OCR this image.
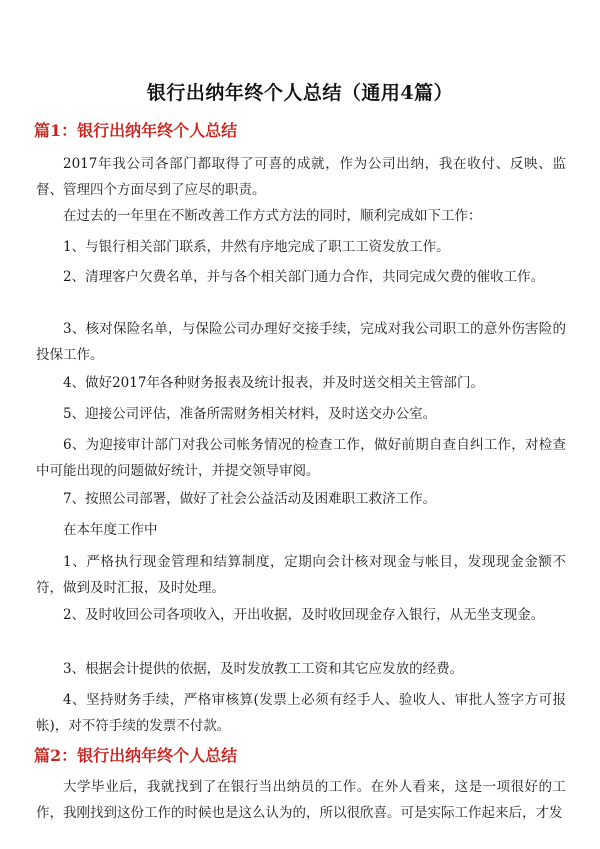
银行出纳年终个人总结（通用4篇）
篇1：银行出纳年终个人总结
2017年我公司各部门都取得了可喜的成就，作为公司出纳，我在收付、反映、监督、管理四个方面尽到了应尽的职责。
在过去的一年里在不断改善工作方式方法的同时，顺利完成如下工作：
1、与银行相关部门联系，井然有序地完成了职工工资发放工作。
2、清理客户欠费名单，并与各个相关部门通力合作，共同完成欠费的催收工作。
3、核对保险名单，与保险公司办理好交接手续，完成对我公司职工的意外伤害险的投保工作。
4、做好2017年各种财务报表及统计报表，并及时送交相关主管部门。
5、迎接公司评估，准备所需财务相关材料，及时送交办公室。
6、为迎接审计部门对我公司帐务情况的检查工作，做好前期自查自纠工作，对检查中可能出现的问题做好统计，并提交领导审阅。
7、按照公司部署，做好了社会公益活动及困难职工救济工作。
在本年度工作中
1、严格执行现金管理和结算制度，定期向会计核对现金与帐目，发现现金金额不符，做到及时汇报，及时处理。
2、及时收回公司各项收入，开出收据，及时收回现金存入银行，从无坐支现金。
3、根据会计提供的依据，及时发放教工工资和其它应发放的经费。
4、坚持财务手续，严格审核算(发票上必须有经手人、验收人、审批人签字方可报帐)，对不符手续的发票不付款。
篇2：银行出纳年终个人总结
大学毕业后，我就找到了在银行当出纳员的工作。在外人看来，这是一项很好的工作，我刚找到这份工作的时候也是这么认为的，所以很欣喜。可是实际工作起来后，才发
